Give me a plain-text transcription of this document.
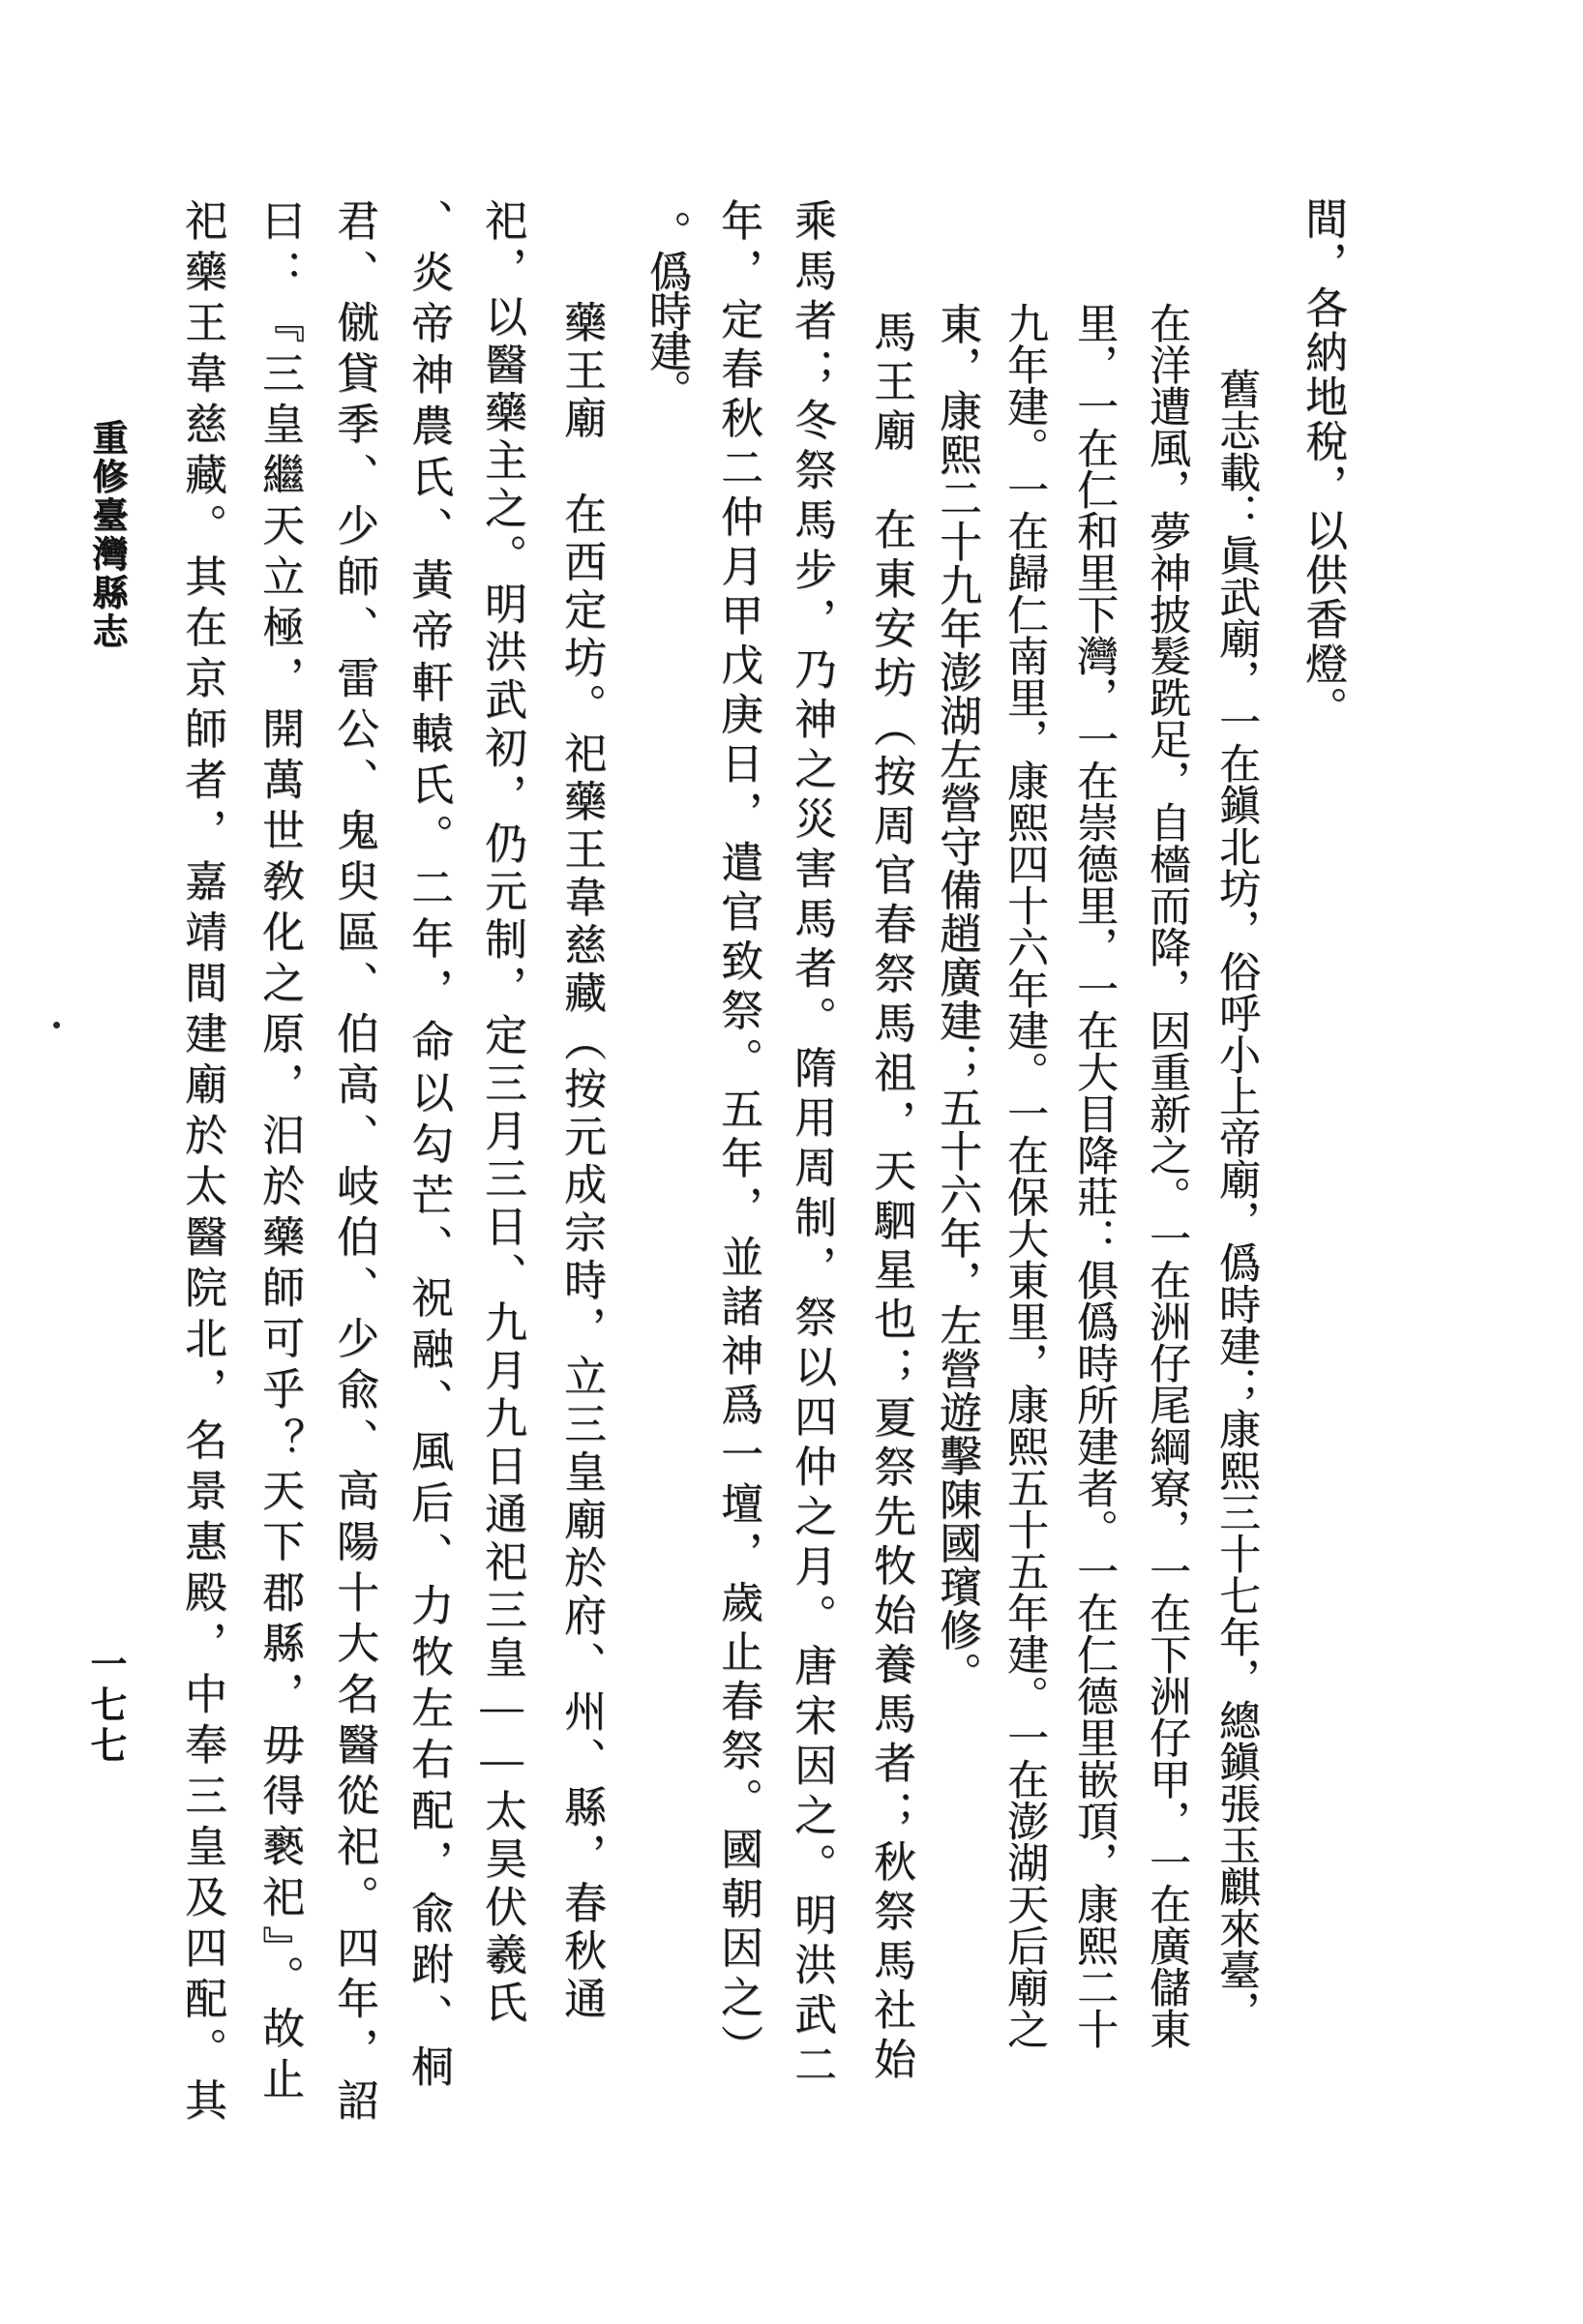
重修臺灣縣志
一七七
間，各納地稅，以供香燈。
舊志載：眞武廟，一在鎭北坊，俗呼小上帝廟，僞時建；康熙三十七年，總鎭張玉麒來臺，
在洋遭風，夢神披髮跣足，自檣而降，因重新之。一在洲仔尾綱寮，一在下洲仔甲，一在廣儲東
里，一在仁和里下灣，一在崇德里，一在大目降莊：俱僞時所建者。一在仁德里嵌頂，康熙二十
九年建。一在歸仁南里，康熙四十六年建。一在保大東里，康熙五十五年建。一在澎湖天后廟之
東，康熙二十九年澎湖左營守備趙廣建；五十六年，左營遊擊陳國璸修。
馬王廟　在東安坊（按周官春祭馬祖，天駟星也；夏祭先牧始養馬者；秋祭馬社始
乘馬者；冬祭馬步，乃神之災害馬者。隋用周制，祭以四仲之月。唐宋因之。明洪武二
年，定春秋二仲月甲戊庚日，遣官致祭。五年，並諸神爲一壇，歲止春祭。國朝因之）
。僞時建。
藥王廟　在西定坊。祀藥王韋慈藏（按元成宗時，立三皇廟於府、州、縣，春秋通
祀，以醫藥主之。明洪武初，仍元制，定三月三日、九月九日通祀三皇——太昊伏羲氏
、炎帝神農氏、黃帝軒轅氏。二年，命以勾芒、祝融、風后、力牧左右配，兪跗、桐
君、僦貸季、少師、雷公、鬼臾區、伯高、岐伯、少兪、高陽十大名醫從祀。四年，詔
曰：『三皇繼天立極，開萬世敎化之原，汨於藥師可乎？天下郡縣，毋得褻祀』。故止
祀藥王韋慈藏。其在京師者，嘉靖間建廟於太醫院北，名景惠殿，中奉三皇及四配。其
